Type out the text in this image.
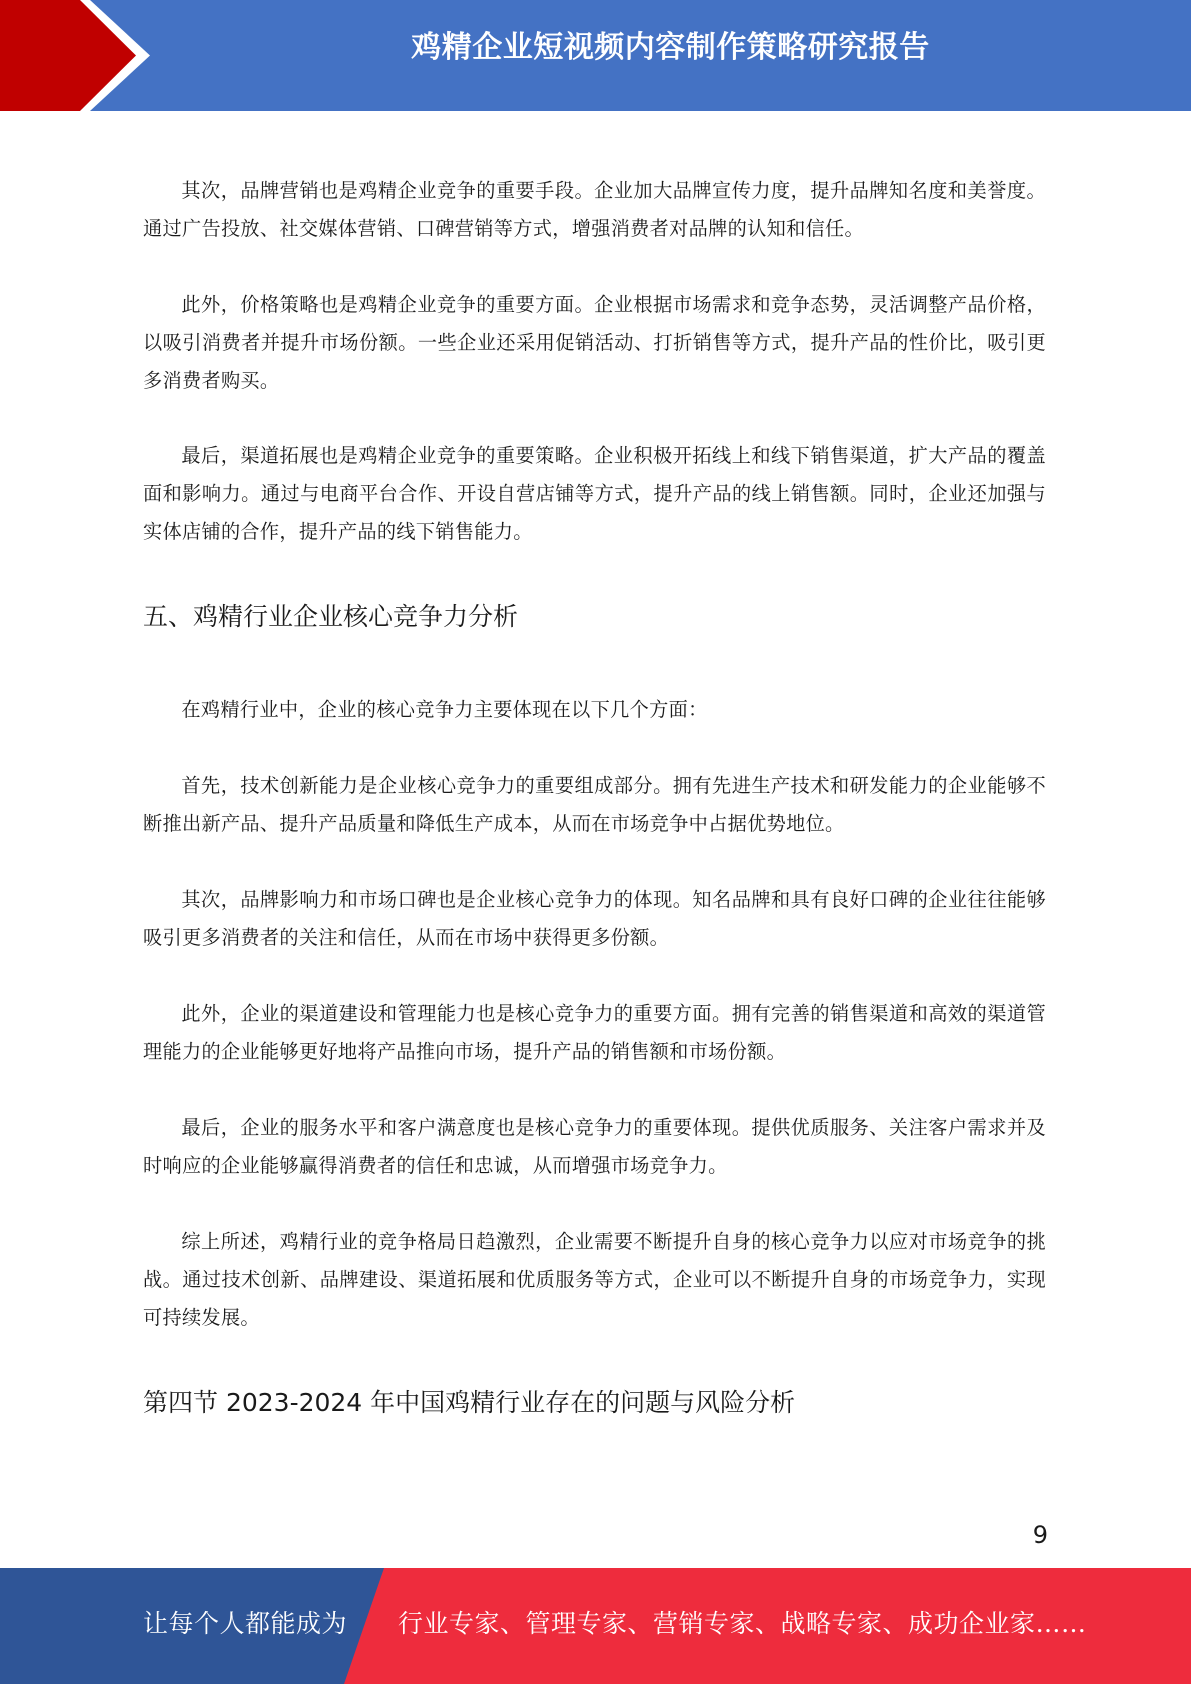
鸡精企业短视频内容制作策略研究报告

其次，品牌营销也是鸡精企业竞争的重要手段。企业加大品牌宣传力度，提升品牌知名度和美誉度。通过广告投放、社交媒体营销、口碑营销等方式，增强消费者对品牌的认知和信任。

此外，价格策略也是鸡精企业竞争的重要方面。企业根据市场需求和竞争态势，灵活调整产品价格，以吸引消费者并提升市场份额。一些企业还采用促销活动、打折销售等方式，提升产品的性价比，吸引更多消费者购买。

最后，渠道拓展也是鸡精企业竞争的重要策略。企业积极开拓线上和线下销售渠道，扩大产品的覆盖面和影响力。通过与电商平台合作、开设自营店铺等方式，提升产品的线上销售额。同时，企业还加强与实体店铺的合作，提升产品的线下销售能力。

五、鸡精行业企业核心竞争力分析

在鸡精行业中，企业的核心竞争力主要体现在以下几个方面：

首先，技术创新能力是企业核心竞争力的重要组成部分。拥有先进生产技术和研发能力的企业能够不断推出新产品、提升产品质量和降低生产成本，从而在市场竞争中占据优势地位。

其次，品牌影响力和市场口碑也是企业核心竞争力的体现。知名品牌和具有良好口碑的企业往往能够吸引更多消费者的关注和信任，从而在市场中获得更多份额。

此外，企业的渠道建设和管理能力也是核心竞争力的重要方面。拥有完善的销售渠道和高效的渠道管理能力的企业能够更好地将产品推向市场，提升产品的销售额和市场份额。

最后，企业的服务水平和客户满意度也是核心竞争力的重要体现。提供优质服务、关注客户需求并及时响应的企业能够赢得消费者的信任和忠诚，从而增强市场竞争力。

综上所述，鸡精行业的竞争格局日趋激烈，企业需要不断提升自身的核心竞争力以应对市场竞争的挑战。通过技术创新、品牌建设、渠道拓展和优质服务等方式，企业可以不断提升自身的市场竞争力，实现可持续发展。

第四节 2023-2024 年中国鸡精行业存在的问题与风险分析
9
让每个人都能成为 行业专家、管理专家、营销专家、战略专家、成功企业家……
